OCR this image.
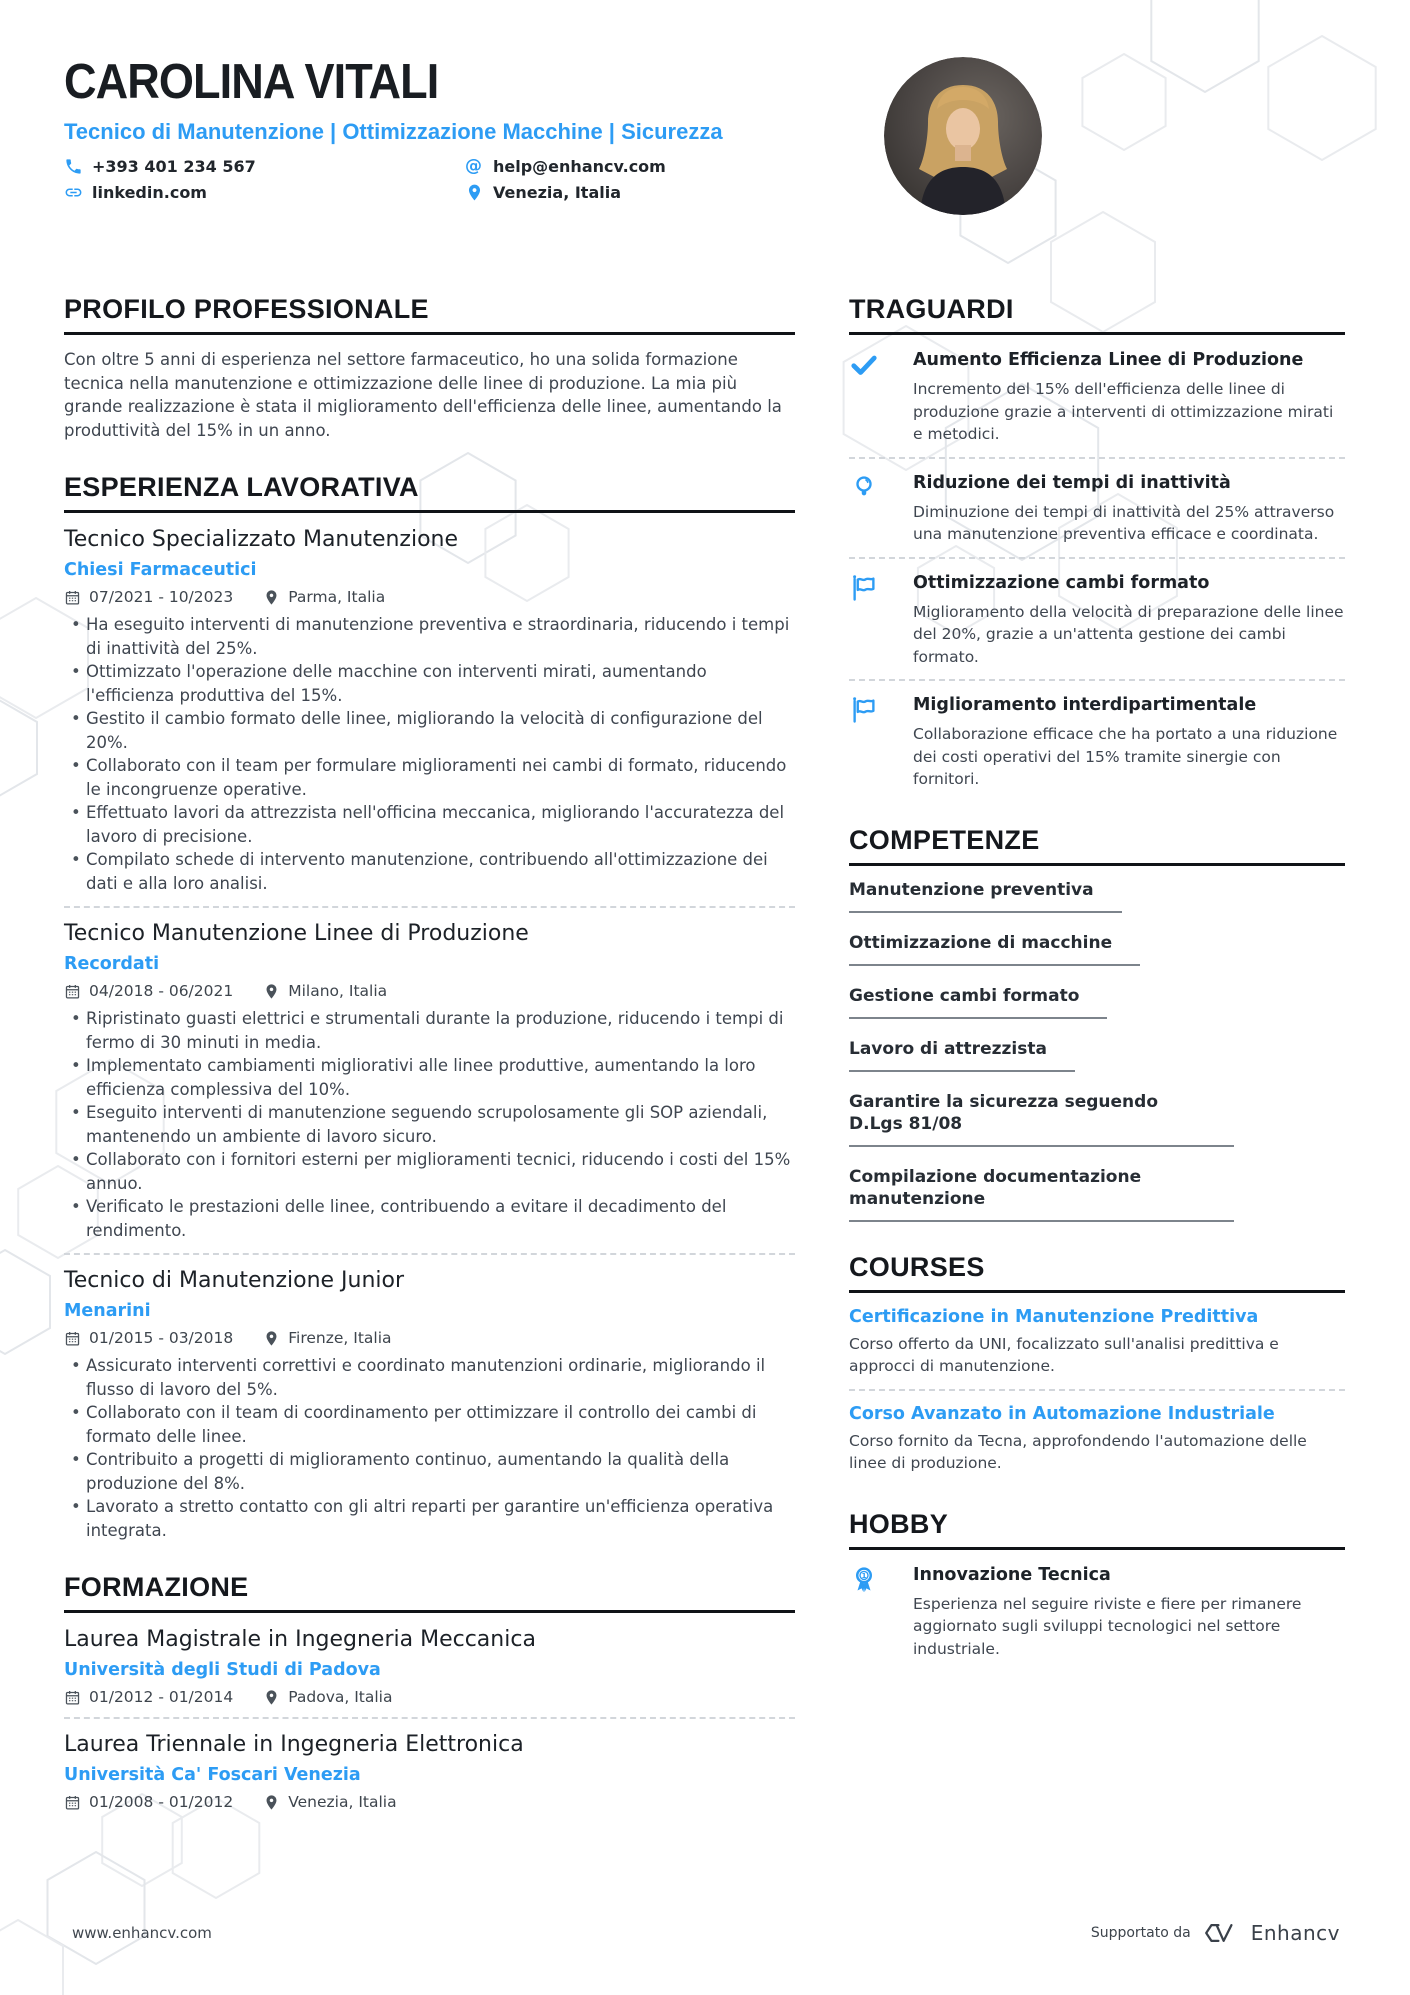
CAROLINA VITALI
Tecnico di Manutenzione | Ottimizzazione Macchine | Sicurezza
+393 401 234 567	@ help@enhancv.com
linkedin.com	Venezia, Italia
PROFILO PROFESSIONALE

Con oltre 5 anni di esperienza nel settore farmaceutico, ho una solida formazione tecnica nella manutenzione e ottimizzazione delle linee di produzione. La mia più grande realizzazione è stata il miglioramento dell'efficienza delle linee, aumentando la produttività del 15% in un anno.

ESPERIENZA LAVORATIVA
Tecnico Specializzato Manutenzione
Chiesi Farmaceutici
07/2021 - 10/2023	Parma, Italia
• Ha eseguito interventi di manutenzione preventiva e straordinaria, riducendo i tempi di inattività del 25%.
• Ottimizzato l'operazione delle macchine con interventi mirati, aumentando l'efficienza produttiva del 15%.
• Gestito il cambio formato delle linee, migliorando la velocità di configurazione del 20%.
• Collaborato con il team per formulare miglioramenti nei cambi di formato, riducendo le incongruenze operative.
• Effettuato lavori da attrezzista nell'officina meccanica, migliorando l'accuratezza del lavoro di precisione.
• Compilato schede di intervento manutenzione, contribuendo all'ottimizzazione dei dati e alla loro analisi.
Tecnico Manutenzione Linee di Produzione
Recordati
04/2018 - 06/2021	Milano, Italia
• Ripristinato guasti elettrici e strumentali durante la produzione, riducendo i tempi di fermo di 30 minuti in media.
• Implementato cambiamenti migliorativi alle linee produttive, aumentando la loro efficienza complessiva del 10%.
• Eseguito interventi di manutenzione seguendo scrupolosamente gli SOP aziendali, mantenendo un ambiente di lavoro sicuro.
• Collaborato con i fornitori esterni per miglioramenti tecnici, riducendo i costi del 15% annuo.
• Verificato le prestazioni delle linee, contribuendo a evitare il decadimento del rendimento.
Tecnico di Manutenzione Junior
Menarini
01/2015 - 03/2018	Firenze, Italia
• Assicurato interventi correttivi e coordinato manutenzioni ordinarie, migliorando il flusso di lavoro del 5%.
• Collaborato con il team di coordinamento per ottimizzare il controllo dei cambi di formato delle linee.
• Contribuito a progetti di miglioramento continuo, aumentando la qualità della produzione del 8%.
• Lavorato a stretto contatto con gli altri reparti per garantire un'efficienza operativa integrata.
FORMAZIONE
Laurea Magistrale in Ingegneria Meccanica
Università degli Studi di Padova
01/2012 - 01/2014	Padova, Italia
Laurea Triennale in Ingegneria Elettronica
Università Ca' Foscari Venezia
01/2008 - 01/2012	Venezia, Italia
TRAGUARDI
Aumento Efficienza Linee di Produzione
Incremento del 15% dell'efficienza delle linee di produzione grazie a interventi di ottimizzazione mirati e metodici.
Riduzione dei tempi di inattività
Diminuzione dei tempi di inattività del 25% attraverso una manutenzione preventiva efficace e coordinata.
Ottimizzazione cambi formato
Miglioramento della velocità di preparazione delle linee del 20%, grazie a un'attenta gestione dei cambi formato.
Miglioramento interdipartimentale
Collaborazione efficace che ha portato a una riduzione dei costi operativi del 15% tramite sinergie con fornitori.
COMPETENZE
Manutenzione preventiva
Ottimizzazione di macchine
Gestione cambi formato
Lavoro di attrezzista
Garantire la sicurezza seguendo D.Lgs 81/08
Compilazione documentazione manutenzione
COURSES
Certificazione in Manutenzione Predittiva
Corso offerto da UNI, focalizzato sull'analisi predittiva e approcci di manutenzione.
Corso Avanzato in Automazione Industriale
Corso fornito da Tecna, approfondendo l'automazione delle linee di produzione.
HOBBY
1	Innovazione Tecnica
Esperienza nel seguire riviste e fiere per rimanere aggiornato sugli sviluppi tecnologici nel settore industriale.
www.enhancv.com	Supportato da	Enhancv
